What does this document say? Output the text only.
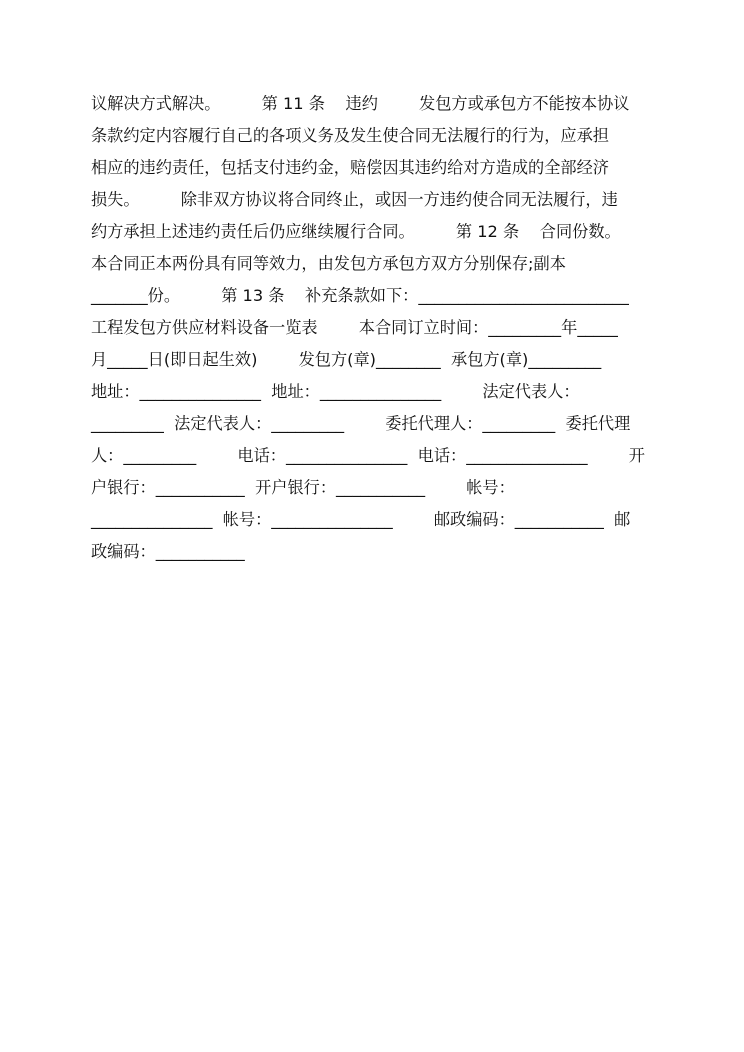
议解决方式解决。        第 11 条    违约        发包方或承包方不能按本协议
条款约定内容履行自己的各项义务及发生使合同无法履行的行为，应承担
相应的违约责任，包括支付违约金，赔偿因其违约给对方造成的全部经济
损失。        除非双方协议将合同终止，或因一方违约使合同无法履行，违
约方承担上述违约责任后仍应继续履行合同。        第 12 条    合同份数。
本合同正本两份具有同等效力，由发包方承包方双方分别保存;副本
_______份。        第 13 条    补充条款如下：__________________________
工程发包方供应材料设备一览表        本合同订立时间：_________年_____
月_____日(即日起生效)        发包方(章)________  承包方(章)_________
地址：_______________  地址：_______________        法定代表人：
_________  法定代表人：_________        委托代理人：_________  委托代理
人：_________        电话：_______________  电话：_______________        开
户银行：___________  开户银行：___________        帐号：
_______________  帐号：_______________        邮政编码：___________  邮
政编码：___________
